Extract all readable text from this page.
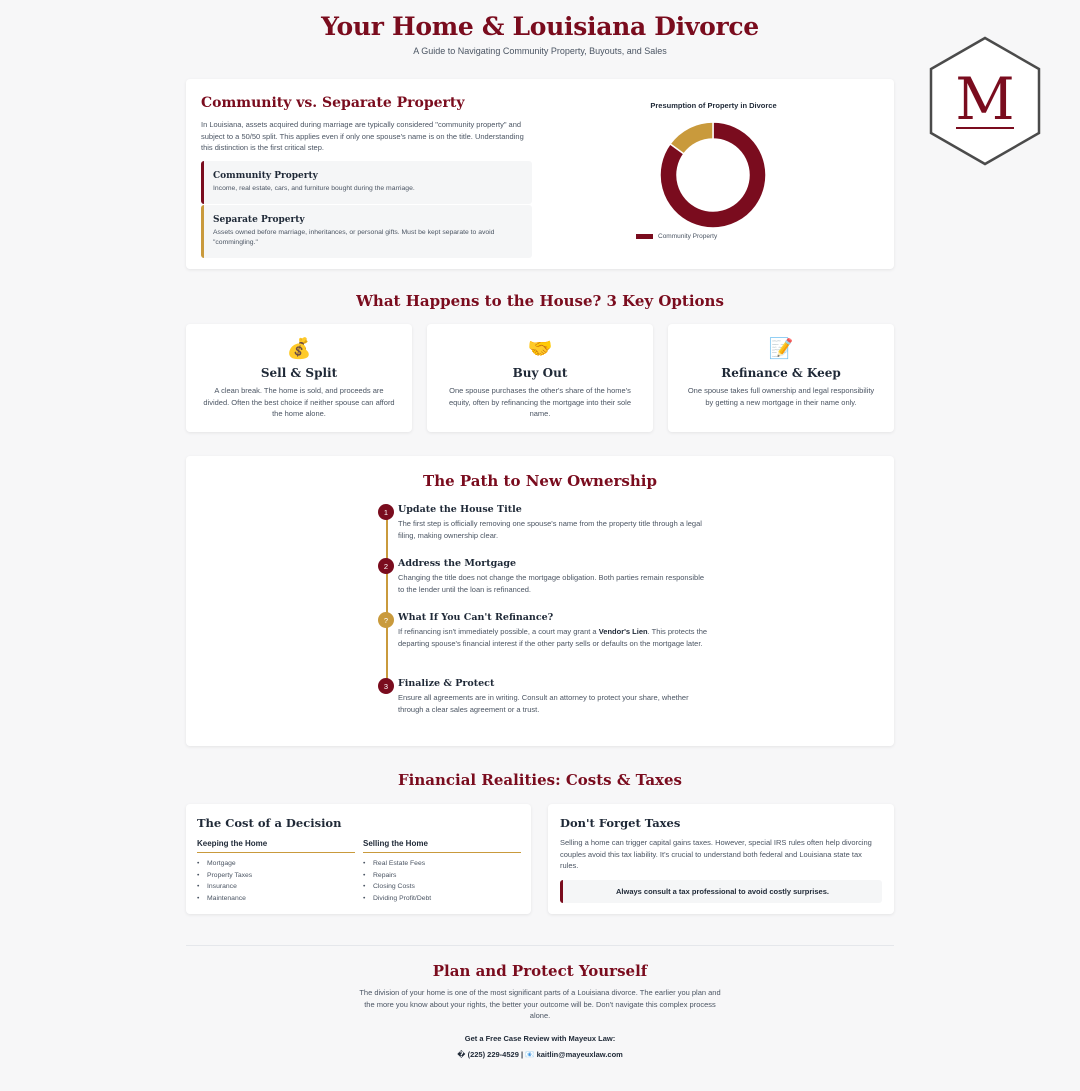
Your Home & Louisiana Divorce
A Guide to Navigating Community Property, Buyouts, and Sales
M
Community vs. Separate Property

In Louisiana, assets acquired during marriage are typically considered "community property" and subject to a 50/50 split. This applies even if only one spouse's name is on the title. Understanding this distinction is the first critical step.

Community Property
Income, real estate, cars, and furniture bought during the marriage.
Separate Property
Assets owned before marriage, inheritances, or personal gifts. Must be kept separate to avoid "commingling."
Presumption of Property in Divorce
Community Property
What Happens to the House? 3 Key Options
💰
Sell & Split
A clean break. The home is sold, and proceeds are divided. Often the best choice if neither spouse can afford the home alone.
🤝
Buy Out
One spouse purchases the other's share of the home's equity, often by refinancing the mortgage into their sole name.
📝
Refinance & Keep
One spouse takes full ownership and legal responsibility by getting a new mortgage in their name only.
The Path to New Ownership
1	Update the House Title
The first step is officially removing one spouse's name from the property title through a legal filing, making ownership clear.
2	Address the Mortgage
Changing the title does not change the mortgage obligation. Both parties remain responsible to the lender until the loan is refinanced.
?	What If You Can't Refinance?
If refinancing isn't immediately possible, a court may grant a Vendor's Lien. This protects the departing spouse's financial interest if the other party sells or defaults on the mortgage later.
3	Finalize & Protect
Ensure all agreements are in writing. Consult an attorney to protect your share, whether through a clear sales agreement or a trust.
Financial Realities: Costs & Taxes
The Cost of a Decision
Keeping the Home
• Mortgage
• Property Taxes
• Insurance
• Maintenance
Selling the Home
• Real Estate Fees
• Repairs
• Closing Costs
• Dividing Profit/Debt
Don't Forget Taxes

Selling a home can trigger capital gains taxes. However, special IRS rules often help divorcing couples avoid this tax liability. It's crucial to understand both federal and Louisiana state tax rules.

Always consult a tax professional to avoid costly surprises.
Plan and Protect Yourself

The division of your home is one of the most significant parts of a Louisiana divorce. The earlier you plan and the more you know about your rights, the better your outcome will be. Don't navigate this complex process alone.

Get a Free Case Review with Mayeux Law:
� (225) 229-4529 | 📧 kaitlin@mayeuxlaw.com
